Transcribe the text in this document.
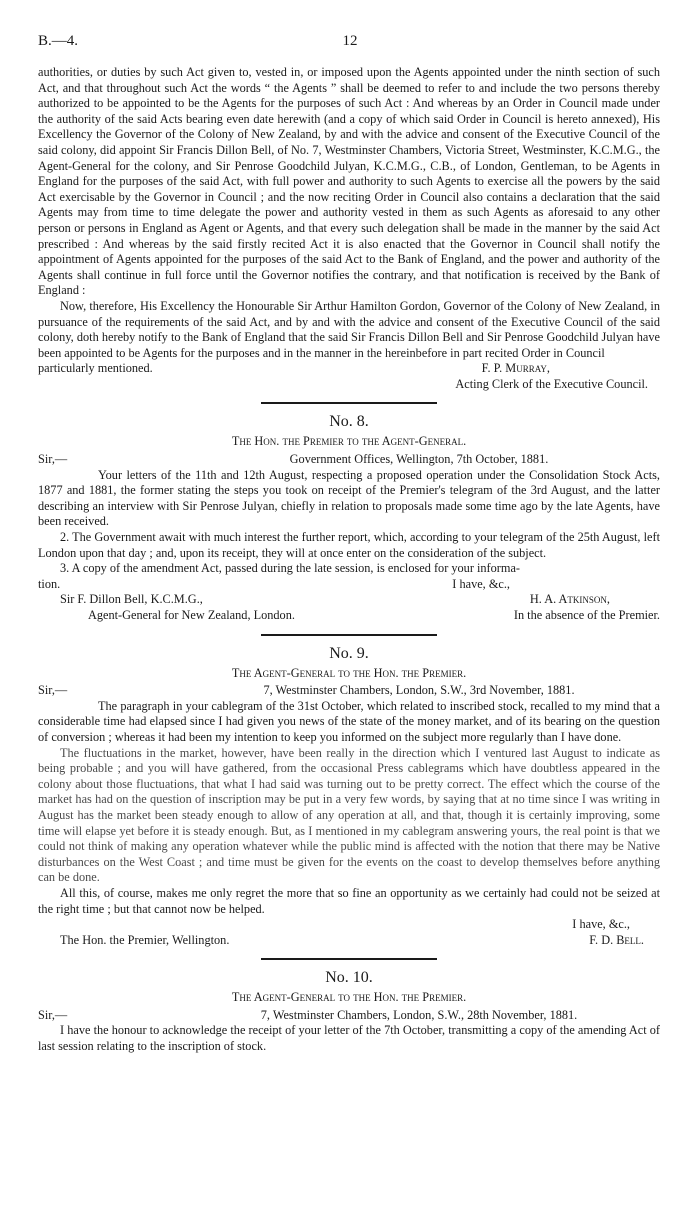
B.—4.	12

authorities, or duties by such Act given to, vested in, or imposed upon the Agents appointed under the ninth section of such Act, and that throughout such Act the words “ the Agents ” shall be deemed to refer to and include the two persons thereby authorized to be appointed to be the Agents for the purposes of such Act : And whereas by an Order in Council made under the authority of the said Acts bearing even date herewith (and a copy of which said Order in Council is hereto annexed), His Excellency the Governor of the Colony of New Zealand, by and with the advice and consent of the Executive Council of the said colony, did appoint Sir Francis Dillon Bell, of No. 7, Westminster Chambers, Victoria Street, Westminster, K.C.M.G., the Agent-General for the colony, and Sir Penrose Goodchild Julyan, K.C.M.G., C.B., of London, Gentleman, to be Agents in England for the purposes of the said Act, with full power and authority to such Agents to exercise all the powers by the said Act exercisable by the Governor in Council ; and the now reciting Order in Council also contains a declaration that the said Agents may from time to time delegate the power and authority vested in them as such Agents as aforesaid to any other person or persons in England as Agent or Agents, and that every such delegation shall be made in the manner by the said Act prescribed : And whereas by the said firstly recited Act it is also enacted that the Governor in Council shall notify the appointment of Agents appointed for the purposes of the said Act to the Bank of England, and the power and authority of the Agents shall continue in full force until the Governor notifies the contrary, and that notification is received by the Bank of England :

Now, therefore, His Excellency the Honourable Sir Arthur Hamilton Gordon, Governor of the Colony of New Zealand, in pursuance of the requirements of the said Act, and by and with the advice and consent of the Executive Council of the said colony, doth hereby notify to the Bank of England that the said Sir Francis Dillon Bell and Sir Penrose Goodchild Julyan have been appointed to be Agents for the purposes and in the manner in the hereinbefore in part recited Order in Council

particularly mentioned.	F. P. Murray,

Acting Clerk of the Executive Council.

No. 8.
The Hon. the Premier to the Agent-General.
Sir,—	Government Offices, Wellington, 7th October, 1881.

Your letters of the 11th and 12th August, respecting a proposed operation under the Consolidation Stock Acts, 1877 and 1881, the former stating the steps you took on receipt of the Premier's telegram of the 3rd August, and the latter describing an interview with Sir Penrose Julyan, chiefly in relation to proposals made some time ago by the late Agents, have been received.

2. The Government await with much interest the further report, which, according to your telegram of the 25th August, left London upon that day ; and, upon its receipt, they will at once enter on the consideration of the subject.

3. A copy of the amendment Act, passed during the late session, is enclosed for your informa-

tion.	I have, &c.,
Sir F. Dillon Bell, K.C.M.G.,	H. A. Atkinson,
Agent-General for New Zealand, London.	In the absence of the Premier.
No. 9.
The Agent-General to the Hon. the Premier.
Sir,—	7, Westminster Chambers, London, S.W., 3rd November, 1881.

The paragraph in your cablegram of the 31st October, which related to inscribed stock, recalled to my mind that a considerable time had elapsed since I had given you news of the state of the money market, and of its bearing on the question of conversion ; whereas it had been my intention to keep you informed on the subject more regularly than I have done.

The fluctuations in the market, however, have been really in the direction which I ventured last August to indicate as being probable ; and you will have gathered, from the occasional Press cablegrams which have doubtless appeared in the colony about those fluctuations, that what I had said was turning out to be pretty correct. The effect which the course of the market has had on the question of inscription may be put in a very few words, by saying that at no time since I was writing in August has the market been steady enough to allow of any operation at all, and that, though it is certainly improving, some time will elapse yet before it is steady enough. But, as I mentioned in my cablegram answering yours, the real point is that we could not think of making any operation whatever while the public mind is affected with the notion that there may be Native disturbances on the West Coast ; and time must be given for the events on the coast to develop themselves before anything can be done.

All this, of course, makes me only regret the more that so fine an opportunity as we certainly had could not be seized at the right time ; but that cannot now be helped.

I have, &c.,

The Hon. the Premier, Wellington.	F. D. Bell.
No. 10.
The Agent-General to the Hon. the Premier.
Sir,—	7, Westminster Chambers, London, S.W., 28th November, 1881.

I have the honour to acknowledge the receipt of your letter of the 7th October, transmitting a copy of the amending Act of last session relating to the inscription of stock.
